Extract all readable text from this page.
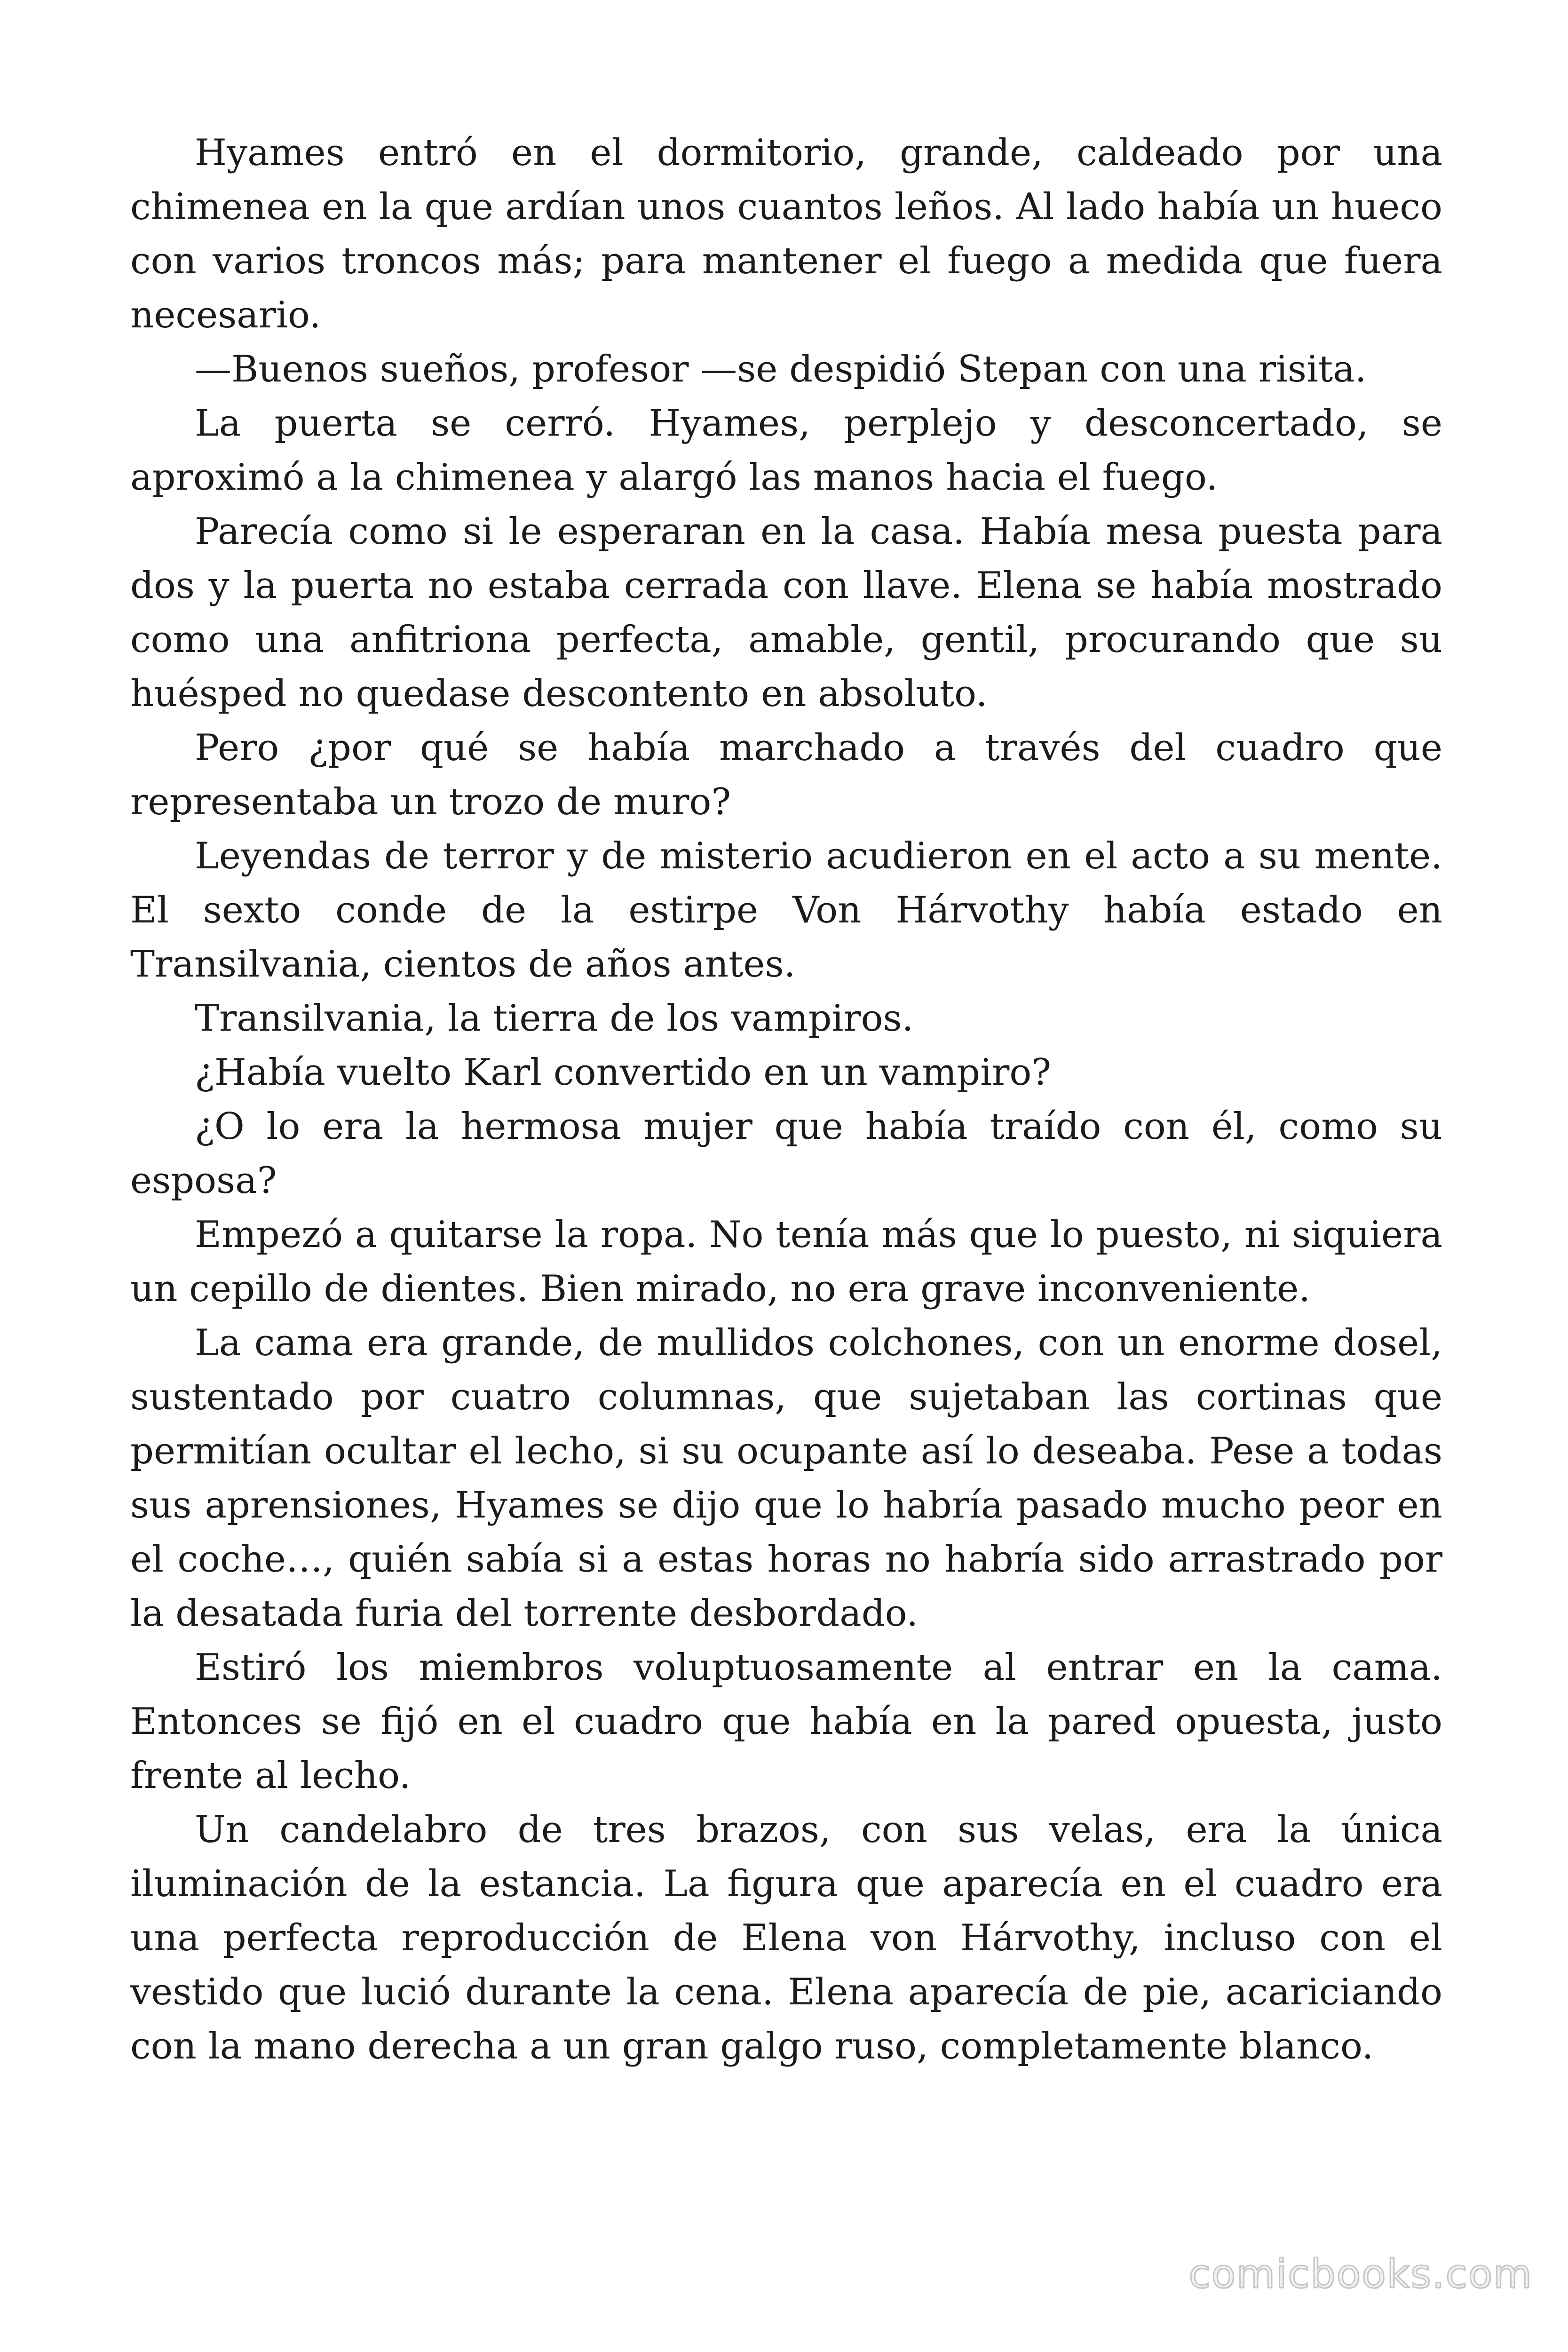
Hyames entró en el dormitorio, grande, caldeado por una chimenea en la que ardían unos cuantos leños. Al lado había un hueco con varios troncos más; para mantener el fuego a medida que fuera necesario.

—Buenos sueños, profesor —se despidió Stepan con una risita.

La puerta se cerró. Hyames, perplejo y desconcertado, se aproximó a la chimenea y alargó las manos hacia el fuego.

Parecía como si le esperaran en la casa. Había mesa puesta para dos y la puerta no estaba cerrada con llave. Elena se había mostrado como una anfitriona perfecta, amable, gentil, procurando que su huésped no quedase descontento en absoluto.

Pero ¿por qué se había marchado a través del cuadro que representaba un trozo de muro?

Leyendas de terror y de misterio acudieron en el acto a su mente. El sexto conde de la estirpe Von Hárvothy había estado en Transilvania, cientos de años antes.

Transilvania, la tierra de los vampiros.

¿Había vuelto Karl convertido en un vampiro?

¿O lo era la hermosa mujer que había traído con él, como su esposa?

Empezó a quitarse la ropa. No tenía más que lo puesto, ni siquiera un cepillo de dientes. Bien mirado, no era grave inconveniente.

La cama era grande, de mullidos colchones, con un enorme dosel, sustentado por cuatro columnas, que sujetaban las cortinas que permitían ocultar el lecho, si su ocupante así lo deseaba. Pese a todas sus aprensiones, Hyames se dijo que lo habría pasado mucho peor en el coche…, quién sabía si a estas horas no habría sido arrastrado por la desatada furia del torrente desbordado.

Estiró los miembros voluptuosamente al entrar en la cama. Entonces se fijó en el cuadro que había en la pared opuesta, justo frente al lecho.

Un candelabro de tres brazos, con sus velas, era la única iluminación de la estancia. La figura que aparecía en el cuadro era una perfecta reproducción de Elena von Hárvothy, incluso con el vestido que lució durante la cena. Elena aparecía de pie, acariciando con la mano derecha a un gran galgo ruso, completamente blanco.

comicbooks.com
